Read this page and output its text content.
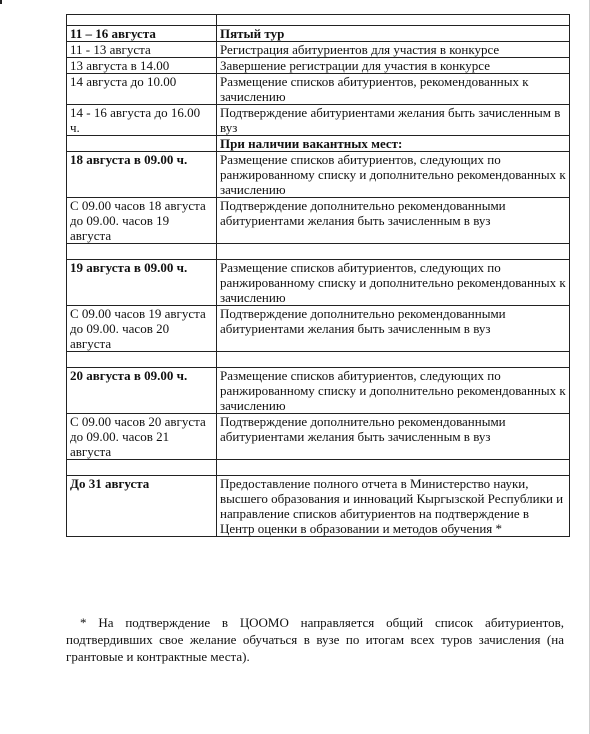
11 – 16 августа	Пятый тур
11 - 13 августа	Регистрация абитуриентов для участия в конкурсе
13 августа в 14.00	Завершение регистрации для участия в конкурсе
14 августа до 10.00	Размещение списков абитуриентов, рекомендованных к зачислению
14 - 16 августа до 16.00 ч.	Подтверждение абитуриентами желания быть зачисленным в вуз
	При наличии вакантных мест:
18 августа в 09.00 ч.	Размещение списков абитуриентов, следующих по ранжированному списку и дополнительно рекомендованных к зачислению
С 09.00 часов 18 августа до 09.00. часов 19 августа	Подтверждение дополнительно рекомендованными абитуриентами желания быть зачисленным в вуз

19 августа в 09.00 ч.	Размещение списков абитуриентов, следующих по ранжированному списку и дополнительно рекомендованных к зачислению
С 09.00 часов 19 августа до 09.00. часов 20 августа	Подтверждение дополнительно рекомендованными абитуриентами желания быть зачисленным в вуз

20 августа в 09.00 ч.	Размещение списков абитуриентов, следующих по ранжированному списку и дополнительно рекомендованных к зачислению
С 09.00 часов 20 августа до 09.00. часов 21 августа	Подтверждение дополнительно рекомендованными абитуриентами желания быть зачисленным в вуз

До 31 августа	Предоставление полного отчета в Министерство науки, высшего образования и инноваций Кыргызской Республики и направление списков абитуриентов на подтверждение в Центр оценки в образовании и методов обучения *

* На подтверждение в ЦООМО направляется общий список абитуриентов, подтвердивших свое желание обучаться в вузе по итогам всех туров зачисления (на грантовые и контрактные места).
